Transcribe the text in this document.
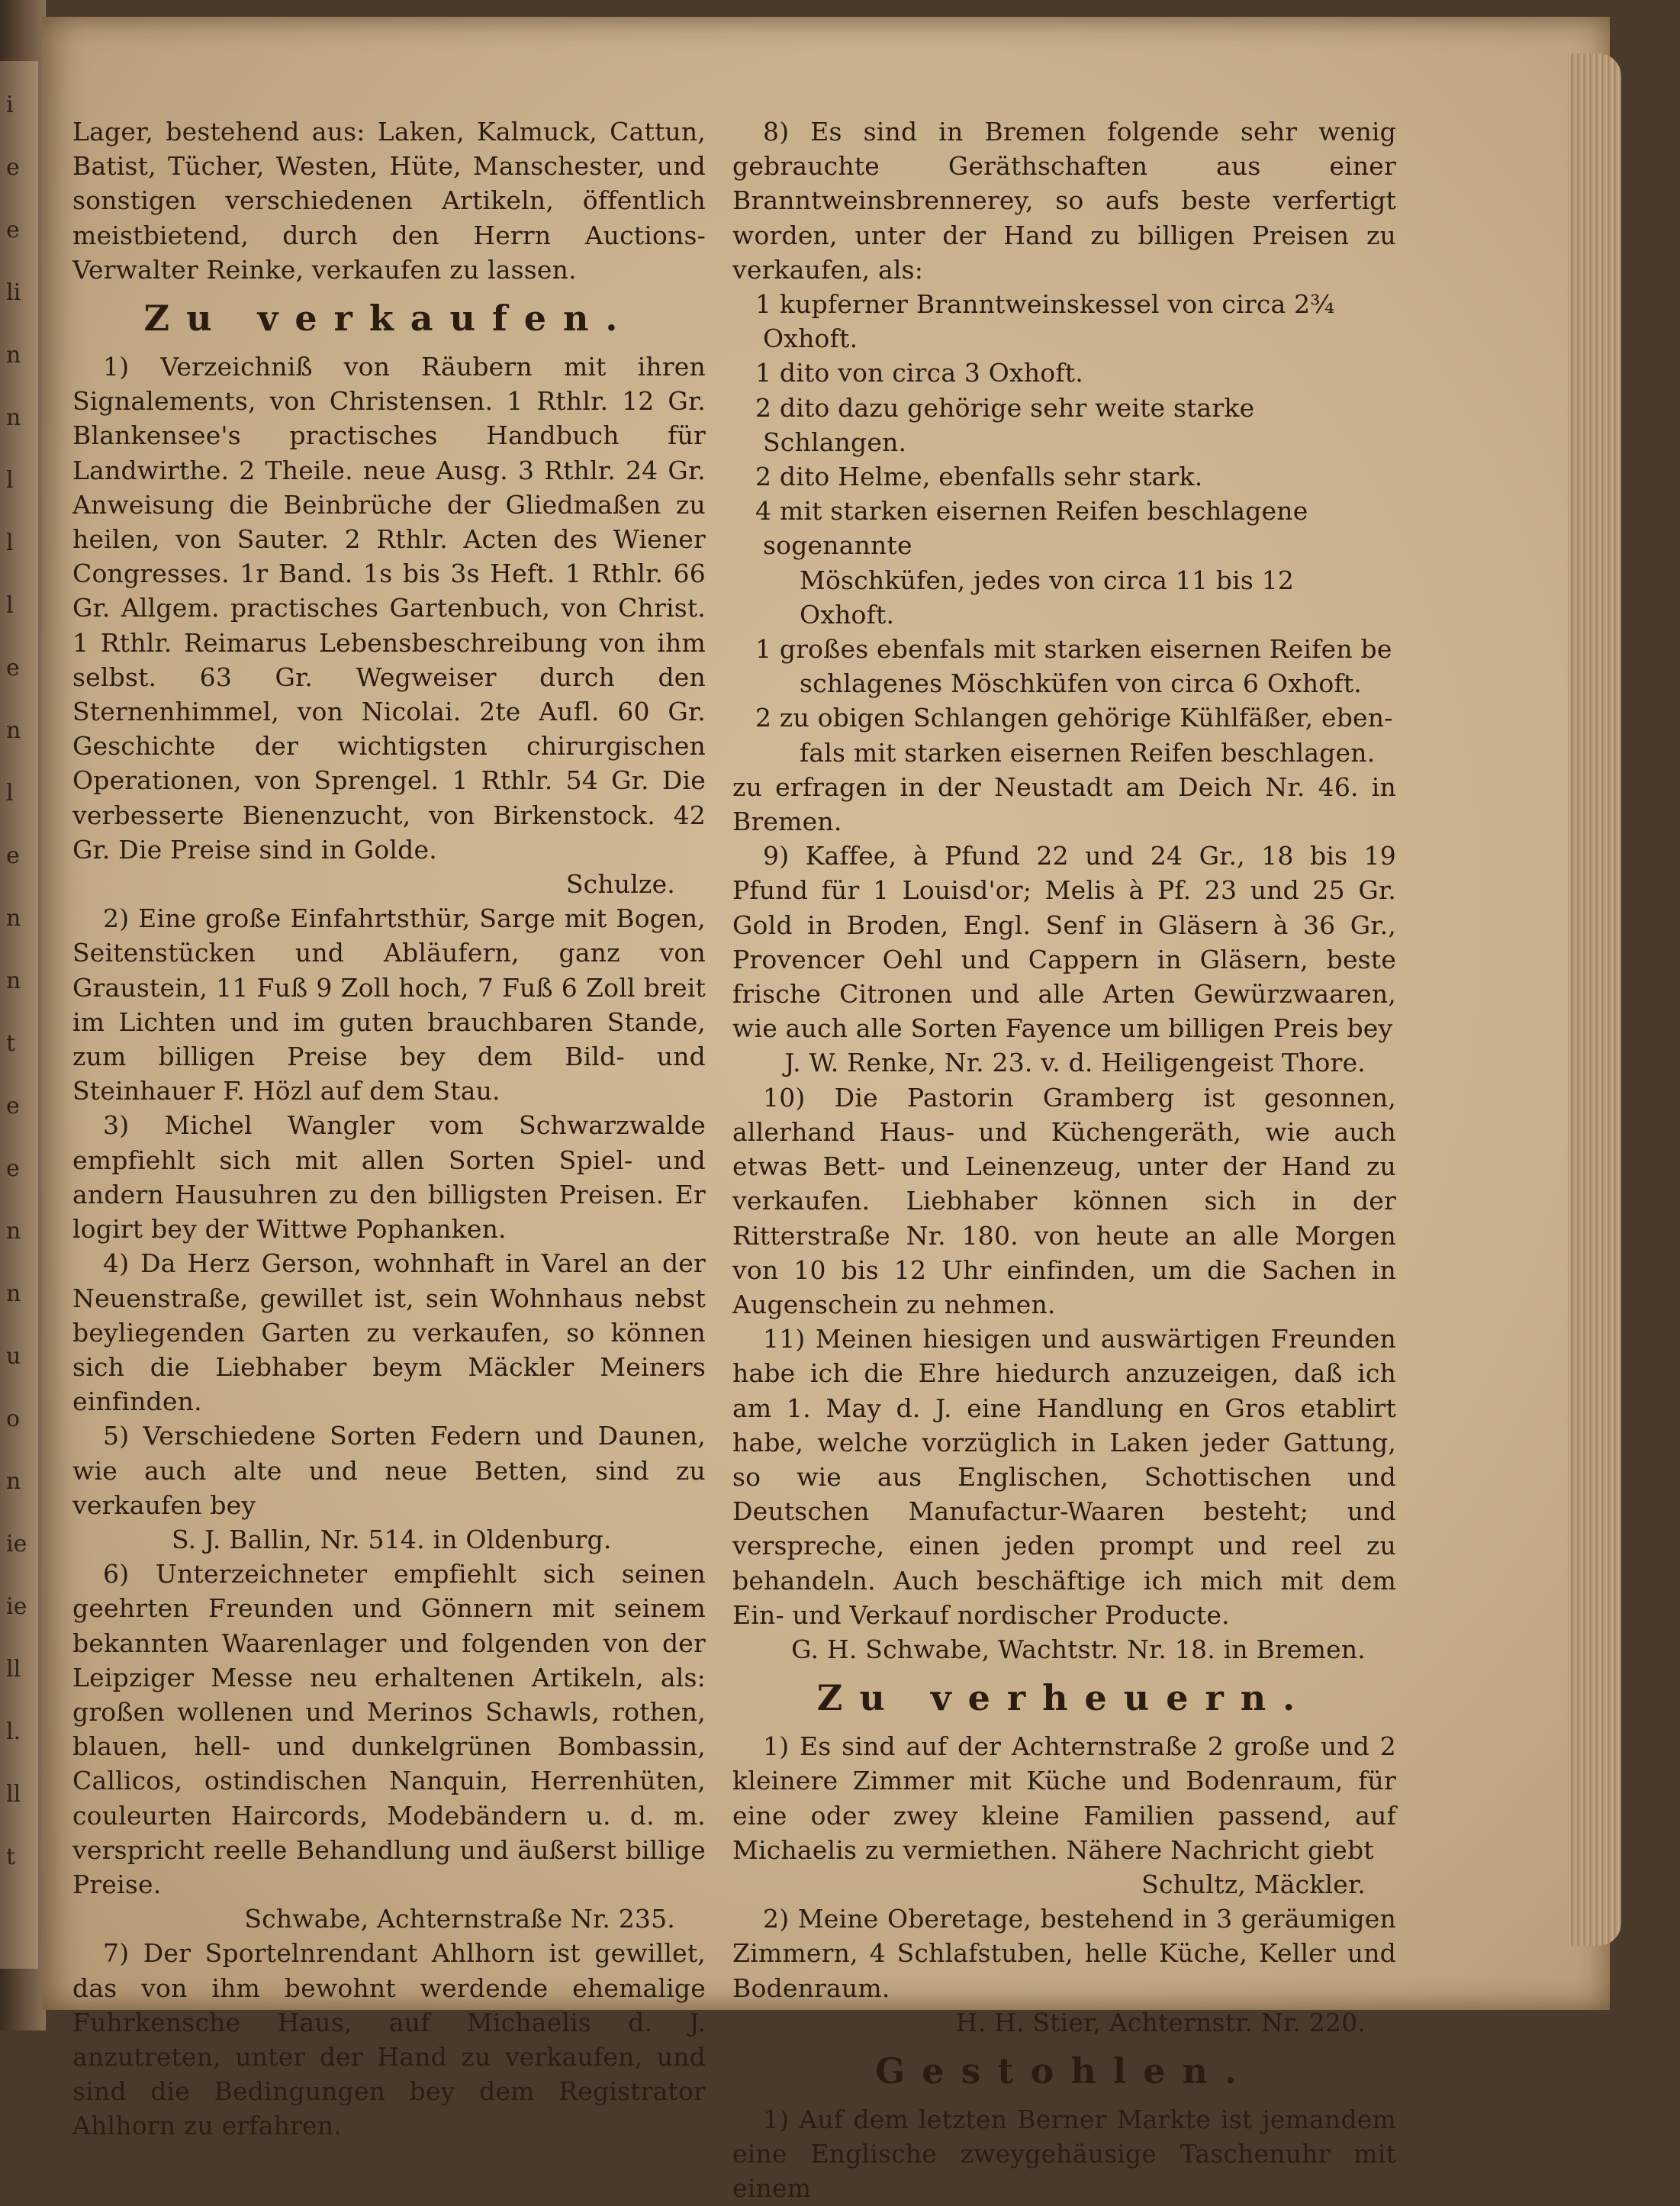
i
e
e
li
n
n
l
l
l
e
n
l
e
n
n
t
e
e
n
n
u
o
n
ie
ie
ll
l.
ll
t

Lager, bestehend aus: Laken, Kalmuck, Cattun, Batist, Tücher, Westen, Hüte, Manschester, und sonstigen verschiedenen Artikeln, öffentlich meistbietend, durch den Herrn Auctions-Verwalter Reinke, verkaufen zu lassen.

Zu verkaufen.

1) Verzeichniß von Räubern mit ihren Signalements, von Christensen. 1 Rthlr. 12 Gr. Blankensee's practisches Handbuch für Landwirthe. 2 Theile. neue Ausg. 3 Rthlr. 24 Gr. Anweisung die Beinbrüche der Gliedmaßen zu heilen, von Sauter. 2 Rthlr. Acten des Wiener Congresses. 1r Band. 1s bis 3s Heft. 1 Rthlr. 66 Gr. Allgem. practisches Gartenbuch, von Christ. 1 Rthlr. Reimarus Lebensbeschreibung von ihm selbst. 63 Gr. Wegweiser durch den Sternenhimmel, von Nicolai. 2te Aufl. 60 Gr. Geschichte der wichtigsten chirurgischen Operationen, von Sprengel. 1 Rthlr. 54 Gr. Die verbesserte Bienenzucht, von Birkenstock. 42 Gr. Die Preise sind in Golde.

Schulze.

2) Eine große Einfahrtsthür, Sarge mit Bogen, Seitenstücken und Abläufern, ganz von Graustein, 11 Fuß 9 Zoll hoch, 7 Fuß 6 Zoll breit im Lichten und im guten brauchbaren Stande, zum billigen Preise bey dem Bild- und Steinhauer F. Hözl auf dem Stau.

3) Michel Wangler vom Schwarzwalde empfiehlt sich mit allen Sorten Spiel- und andern Hausuhren zu den billigsten Preisen. Er logirt bey der Wittwe Pophanken.

4) Da Herz Gerson, wohnhaft in Varel an der Neuenstraße, gewillet ist, sein Wohnhaus nebst beyliegenden Garten zu verkaufen, so können sich die Liebhaber beym Mäckler Meiners einfinden.

5) Verschiedene Sorten Federn und Daunen, wie auch alte und neue Betten, sind zu verkaufen bey

S. J. Ballin, Nr. 514. in Oldenburg.

6) Unterzeichneter empfiehlt sich seinen geehrten Freunden und Gönnern mit seinem bekannten Waarenlager und folgenden von der Leipziger Messe neu erhaltenen Artikeln, als: großen wollenen und Merinos Schawls, rothen, blauen, hell- und dunkelgrünen Bombassin, Callicos, ostindischen Nanquin, Herrenhüten, couleurten Haircords, Modebändern u. d. m. verspricht reelle Behandlung und äußerst billige Preise.

Schwabe, Achternstraße Nr. 235.

7) Der Sportelnrendant Ahlhorn ist gewillet, das von ihm bewohnt werdende ehemalige Fuhrkensche Haus, auf Michaelis d. J. anzutreten, unter der Hand zu verkaufen, und sind die Bedingungen bey dem Registrator Ahlhorn zu erfahren.

8) Es sind in Bremen folgende sehr wenig gebrauchte Geräthschaften aus einer Branntweinsbrennerey, so aufs beste verfertigt worden, unter der Hand zu billigen Preisen zu verkaufen, als:

1 kupferner Branntweinskessel von circa 2¾ Oxhoft.
1 dito von circa 3 Oxhoft.
2 dito dazu gehörige sehr weite starke Schlangen.
2 dito Helme, ebenfalls sehr stark.
4 mit starken eisernen Reifen beschlagene sogenannte
Möschküfen, jedes von circa 11 bis 12 Oxhoft.
1 großes ebenfals mit starken eisernen Reifen be
schlagenes Möschküfen von circa 6 Oxhoft.
2 zu obigen Schlangen gehörige Kühlfäßer, eben-
fals mit starken eisernen Reifen beschlagen.

zu erfragen in der Neustadt am Deich Nr. 46. in Bremen.

9) Kaffee, à Pfund 22 und 24 Gr., 18 bis 19 Pfund für 1 Louisd'or; Melis à Pf. 23 und 25 Gr. Gold in Broden, Engl. Senf in Gläsern à 36 Gr., Provencer Oehl und Cappern in Gläsern, beste frische Citronen und alle Arten Gewürzwaaren, wie auch alle Sorten Fayence um billigen Preis bey

J. W. Renke, Nr. 23. v. d. Heiligengeist Thore.

10) Die Pastorin Gramberg ist gesonnen, allerhand Haus- und Küchengeräth, wie auch etwas Bett- und Leinenzeug, unter der Hand zu verkaufen. Liebhaber können sich in der Ritterstraße Nr. 180. von heute an alle Morgen von 10 bis 12 Uhr einfinden, um die Sachen in Augenschein zu nehmen.

11) Meinen hiesigen und auswärtigen Freunden habe ich die Ehre hiedurch anzuzeigen, daß ich am 1. May d. J. eine Handlung en Gros etablirt habe, welche vorzüglich in Laken jeder Gattung, so wie aus Englischen, Schottischen und Deutschen Manufactur-Waaren besteht; und verspreche, einen jeden prompt und reel zu behandeln. Auch beschäftige ich mich mit dem Ein- und Verkauf nordischer Producte.

G. H. Schwabe, Wachtstr. Nr. 18. in Bremen.

Zu verheuern.

1) Es sind auf der Achternstraße 2 große und 2 kleinere Zimmer mit Küche und Bodenraum, für eine oder zwey kleine Familien passend, auf Michaelis zu vermiethen. Nähere Nachricht giebt

Schultz, Mäckler.

2) Meine Oberetage, bestehend in 3 geräumigen Zimmern, 4 Schlafstuben, helle Küche, Keller und Bodenraum.

H. H. Stier, Achternstr. Nr. 220.

Gestohlen.

1) Auf dem letzten Berner Markte ist jemandem eine Englische zweygehäusige Taschenuhr mit einem
